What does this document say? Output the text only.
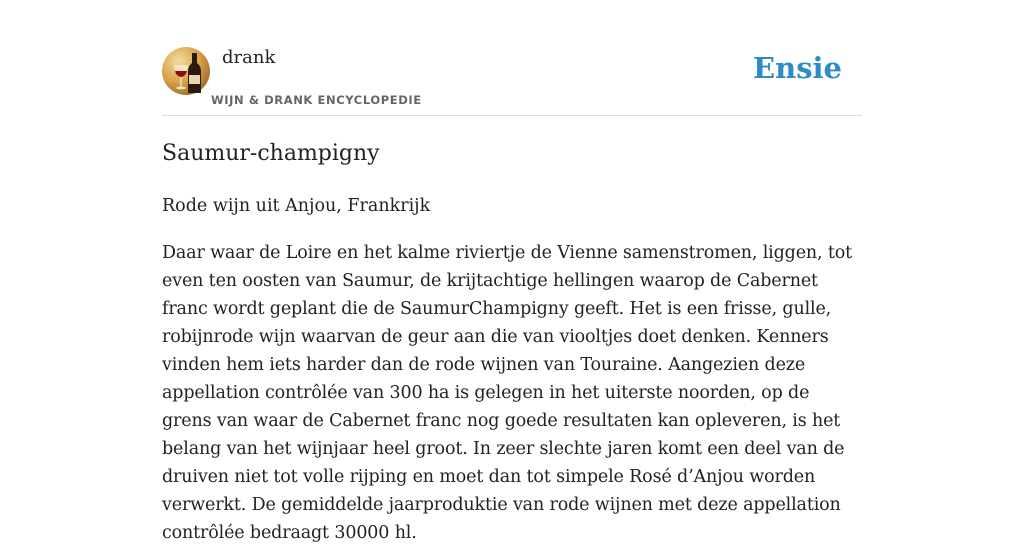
drank
WIJN & DRANK ENCYCLOPEDIE
Ensie
Saumur-champigny

Rode wijn uit Anjou, Frankrijk

Daar waar de Loire en het kalme riviertje de Vienne samenstromen, liggen, tot even ten oosten van Saumur, de krijtachtige hellingen waarop de Cabernet franc wordt geplant die de SaumurChampigny geeft. Het is een frisse, gulle, robijnrode wijn waarvan de geur aan die van viooltjes doet denken. Kenners vinden hem iets harder dan de rode wijnen van Touraine. Aangezien deze appellation contrôlée van 300 ha is gelegen in het uiterste noorden, op de grens van waar de Cabernet franc nog goede resultaten kan opleveren, is het belang van het wijnjaar heel groot. In zeer slechte jaren komt een deel van de druiven niet tot volle rijping en moet dan tot simpele Rosé d’Anjou worden verwerkt. De gemiddelde jaarproduktie van rode wijnen met deze appellation contrôlée bedraagt 30000 hl.
